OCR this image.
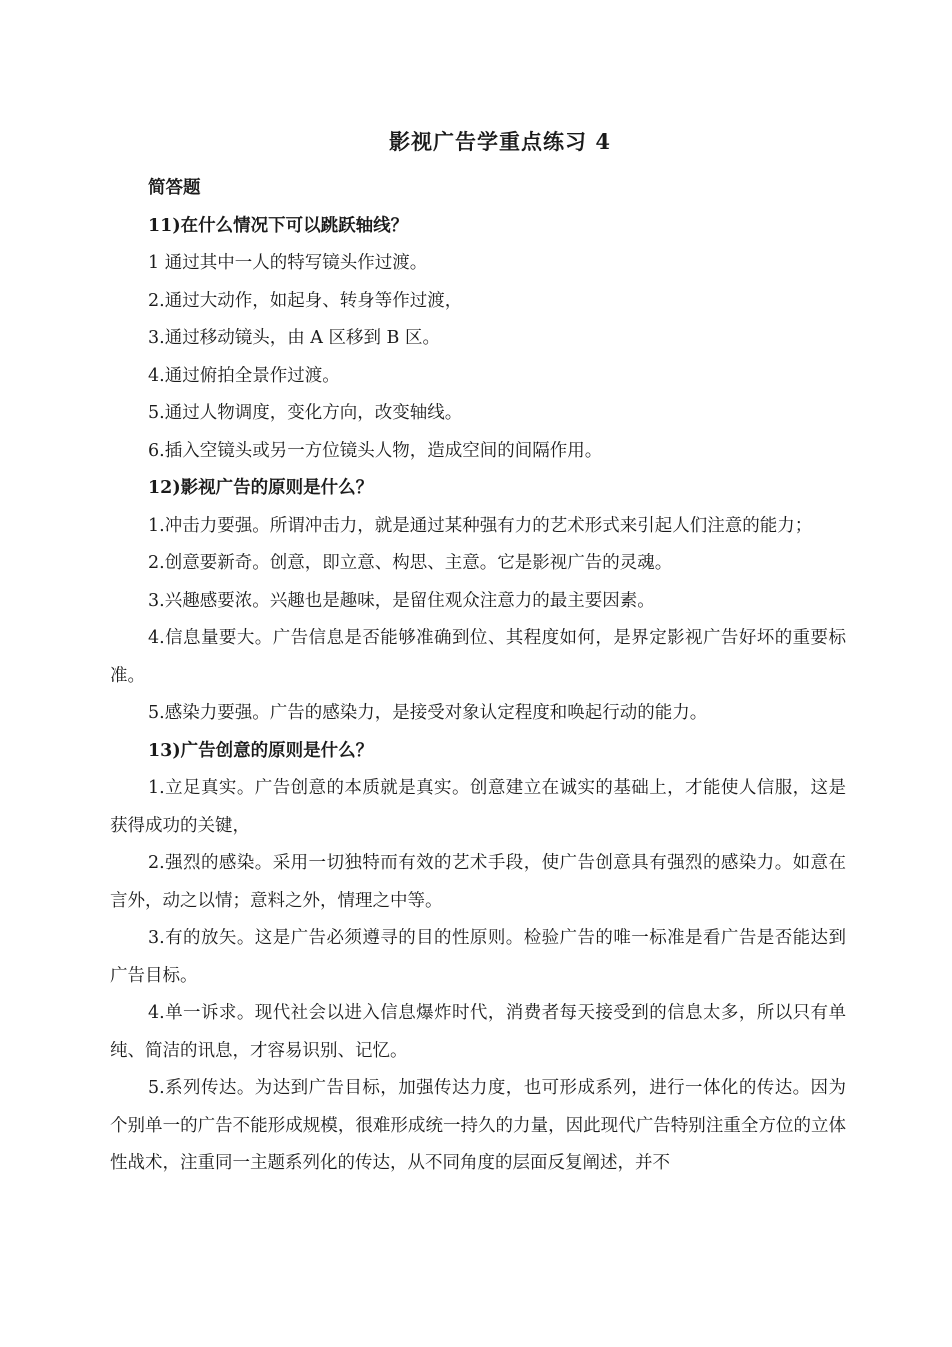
影视广告学重点练习 4

简答题

11)在什么情况下可以跳跃轴线？

1 通过其中一人的特写镜头作过渡。

2.通过大动作，如起身、转身等作过渡，

3.通过移动镜头，由 A 区移到 B 区。

4.通过俯拍全景作过渡。

5.通过人物调度，变化方向，改变轴线。

6.插入空镜头或另一方位镜头人物，造成空间的间隔作用。

12)影视广告的原则是什么？

1.冲击力要强。所谓冲击力，就是通过某种强有力的艺术形式来引起人们注意的能力；

2.创意要新奇。创意，即立意、构思、主意。它是影视广告的灵魂。

3.兴趣感要浓。兴趣也是趣味，是留住观众注意力的最主要因素。

4.信息量要大。广告信息是否能够准确到位、其程度如何，是界定影视广告好坏的重要标准。

5.感染力要强。广告的感染力，是接受对象认定程度和唤起行动的能力。

13)广告创意的原则是什么？

1.立足真实。广告创意的本质就是真实。创意建立在诚实的基础上，才能使人信服，这是获得成功的关键，

2.强烈的感染。采用一切独特而有效的艺术手段，使广告创意具有强烈的感染力。如意在言外，动之以情；意料之外，情理之中等。

3.有的放矢。这是广告必须遵寻的目的性原则。检验广告的唯一标准是看广告是否能达到广告目标。

4.单一诉求。现代社会以进入信息爆炸时代，消费者每天接受到的信息太多，所以只有单纯、简洁的讯息，才容易识别、记忆。

5.系列传达。为达到广告目标，加强传达力度，也可形成系列，进行一体化的传达。因为个别单一的广告不能形成规模，很难形成统一持久的力量，因此现代广告特别注重全方位的立体性战术，注重同一主题系列化的传达，从不同角度的层面反复阐述，并不
